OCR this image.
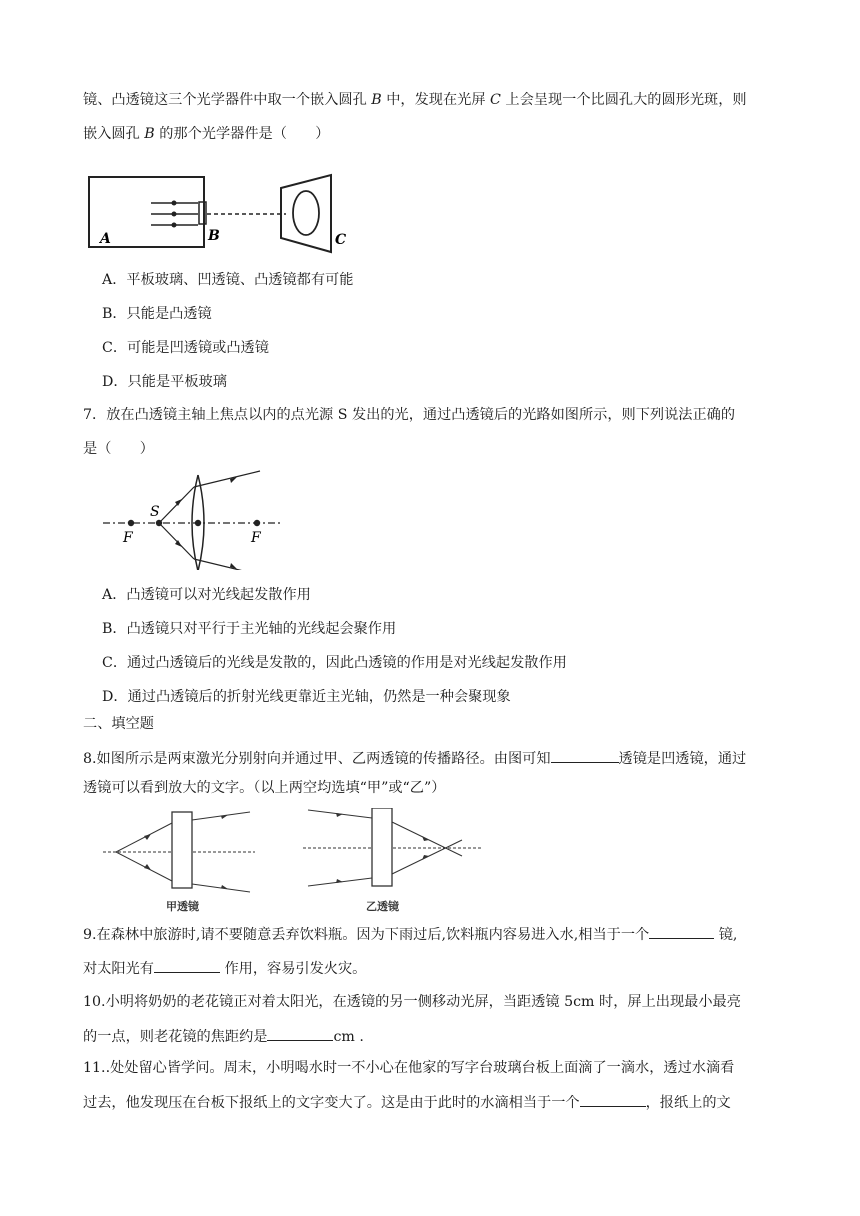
镜、凸透镜这三个光学器件中取一个嵌入圆孔 B 中，发现在光屏 C 上会呈现一个比圆孔大的圆形光斑，则
嵌入圆孔 B 的那个光学器件是（　　）
A	B	C
A．平板玻璃、凹透镜、凸透镜都有可能
B．只能是凸透镜
C．可能是凹透镜或凸透镜
D．只能是平板玻璃
7．放在凸透镜主轴上焦点以内的点光源 S 发出的光，通过凸透镜后的光路如图所示，则下列说法正确的
是（　　）
S
F	F
A．凸透镜可以对光线起发散作用
B．凸透镜只对平行于主光轴的光线起会聚作用
C．通过凸透镜后的光线是发散的，因此凸透镜的作用是对光线起发散作用
D．通过凸透镜后的折射光线更靠近主光轴，仍然是一种会聚现象
二、填空题
8.如图所示是两束激光分别射向并通过甲、乙两透镜的传播路径。由图可知	透镜是凹透镜，通过
透镜可以看到放大的文字。（以上两空均选填“甲”或“乙”）
甲透镜	乙透镜
9.在森林中旅游时,请不要随意丢弃饮料瓶。因为下雨过后,饮料瓶内容易进入水,相当于一个	镜,
对太阳光有	作用，容易引发火灾。
10.小明将奶奶的老花镜正对着太阳光，在透镜的另一侧移动光屏，当距透镜 5cm 时，屏上出现最小最亮
的一点，则老花镜的焦距约是	cm .
11..处处留心皆学问。周末，小明喝水时一不小心在他家的写字台玻璃台板上面滴了一滴水，透过水滴看
过去，他发现压在台板下报纸上的文字变大了。这是由于此时的水滴相当于一个	，报纸上的文
